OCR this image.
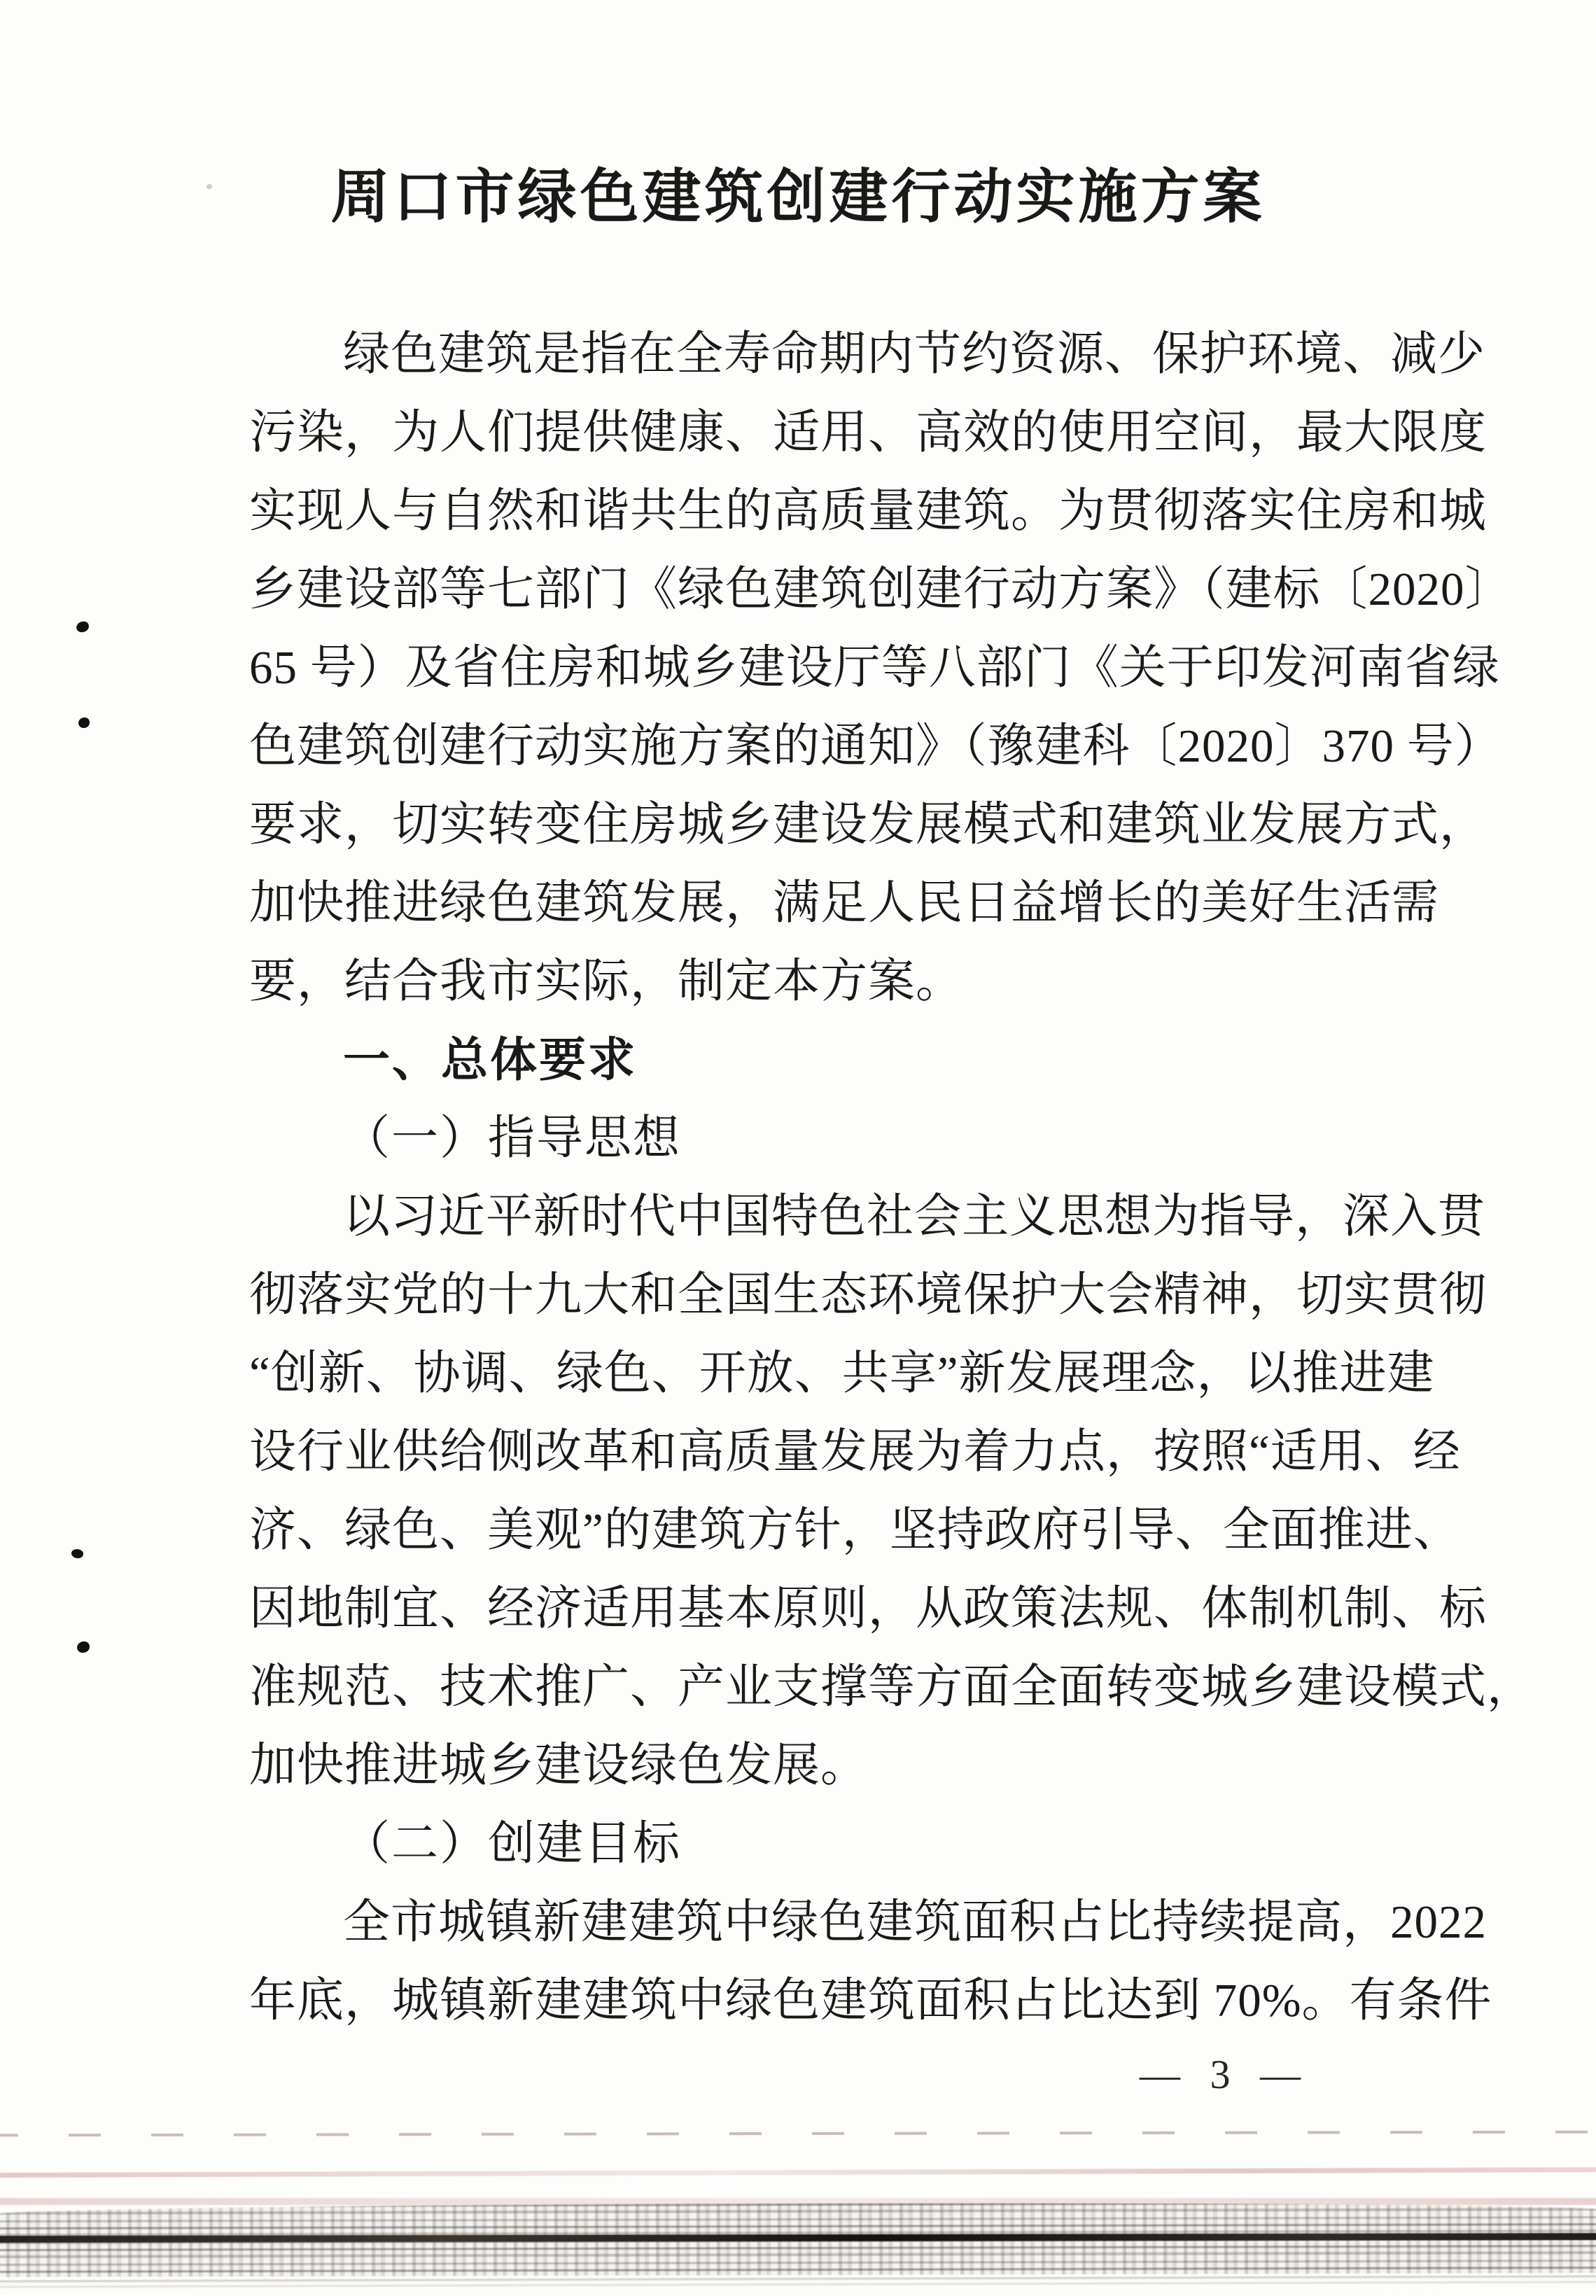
周口市绿色建筑创建行动实施方案
绿色建筑是指在全寿命期内节约资源、保护环境、减少
污染，为人们提供健康、适用、高效的使用空间，最大限度
实现人与自然和谐共生的高质量建筑。为贯彻落实住房和城
乡建设部等七部门《绿色建筑创建行动方案》（建标〔2020〕
65 号）及省住房和城乡建设厅等八部门《关于印发河南省绿
色建筑创建行动实施方案的通知》（豫建科〔2020〕370 号）
要求，切实转变住房城乡建设发展模式和建筑业发展方式，
加快推进绿色建筑发展，满足人民日益增长的美好生活需
要，结合我市实际，制定本方案。
一、总体要求
（一）指导思想
以习近平新时代中国特色社会主义思想为指导，深入贯
彻落实党的十九大和全国生态环境保护大会精神，切实贯彻
“创新、协调、绿色、开放、共享”新发展理念，以推进建
设行业供给侧改革和高质量发展为着力点，按照“适用、经
济、绿色、美观”的建筑方针，坚持政府引导、全面推进、
因地制宜、经济适用基本原则，从政策法规、体制机制、标
准规范、技术推广、产业支撑等方面全面转变城乡建设模式，
加快推进城乡建设绿色发展。
（二）创建目标
全市城镇新建建筑中绿色建筑面积占比持续提高，2022
年底，城镇新建建筑中绿色建筑面积占比达到 70%。有条件
— 3 —
